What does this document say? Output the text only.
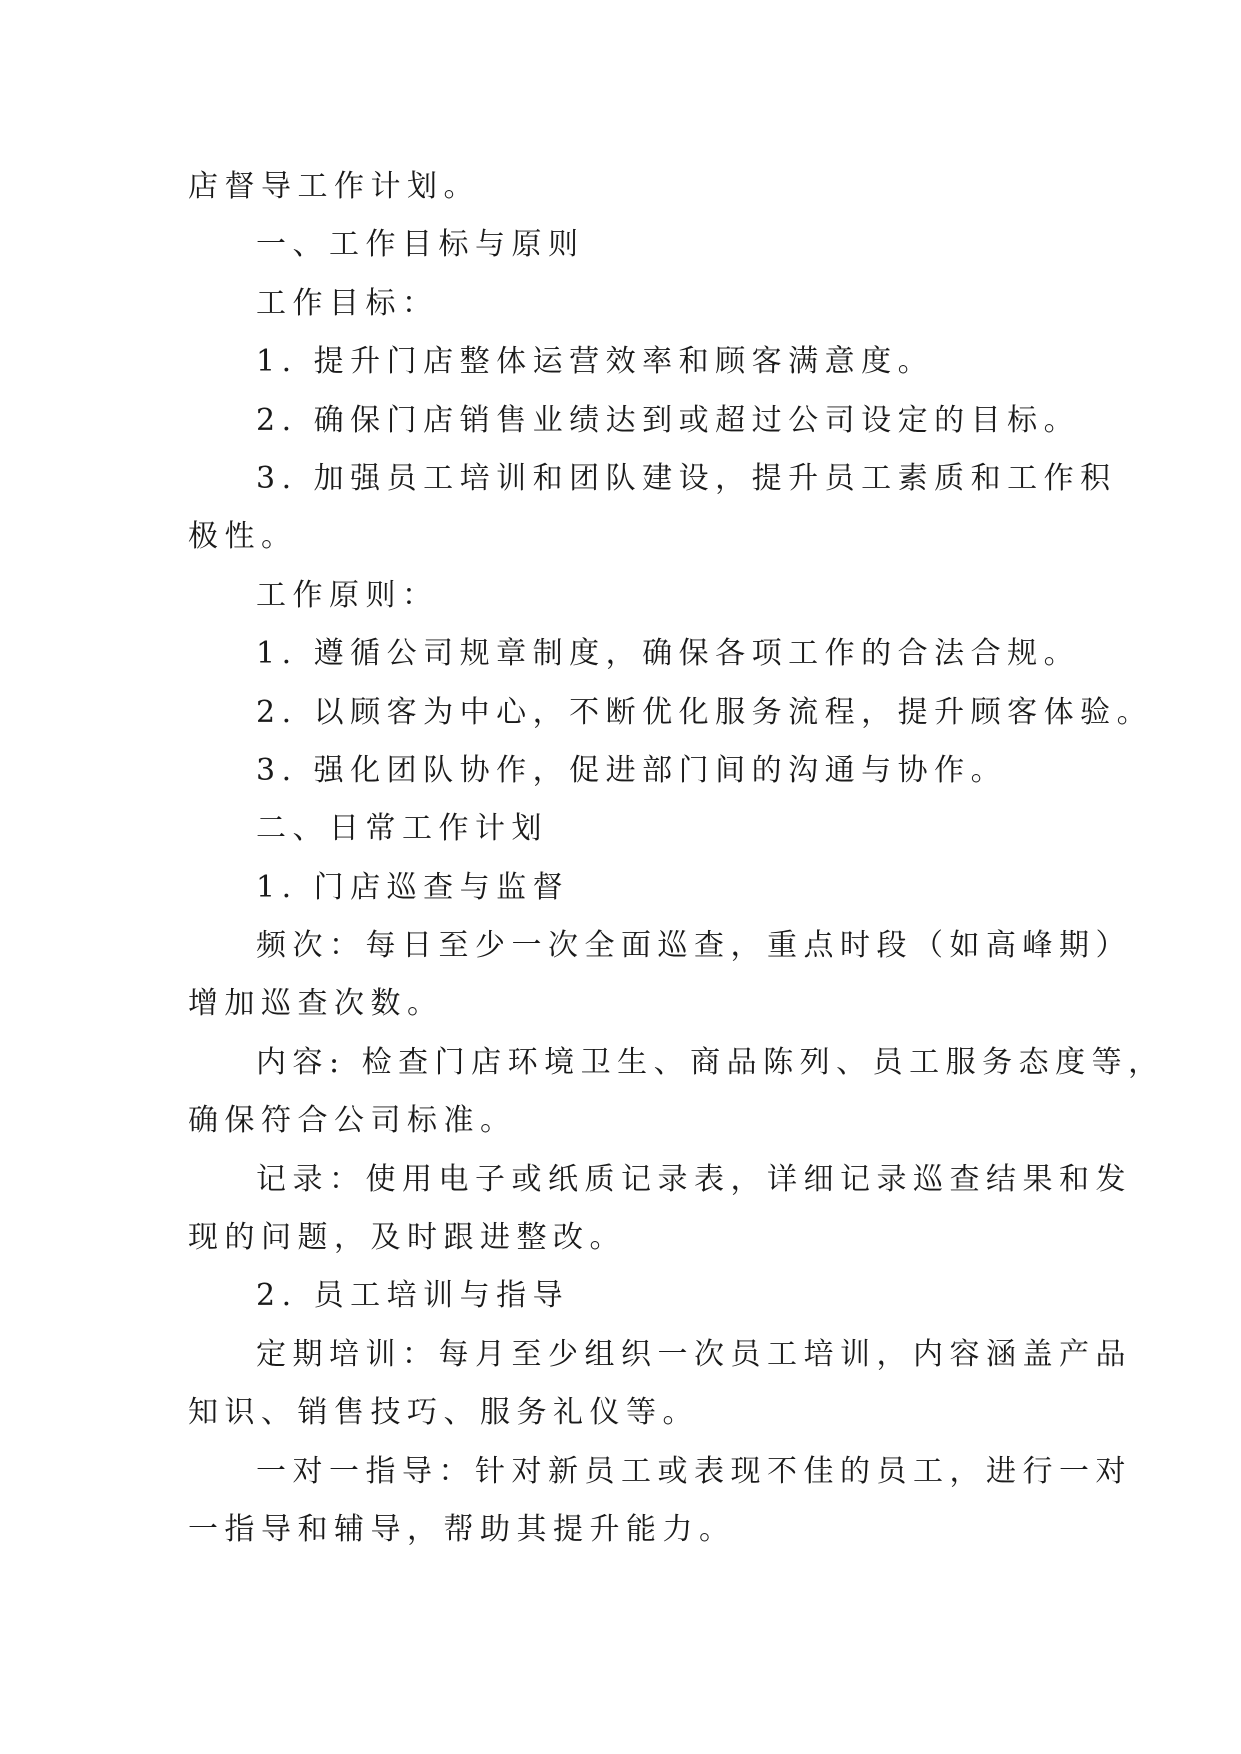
店督导工作计划。
一、工作目标与原则
工作目标：
1. 提升门店整体运营效率和顾客满意度。
2. 确保门店销售业绩达到或超过公司设定的目标。
3. 加强员工培训和团队建设，提升员工素质和工作积
极性。
工作原则：
1. 遵循公司规章制度，确保各项工作的合法合规。
2. 以顾客为中心，不断优化服务流程，提升顾客体验。
3. 强化团队协作，促进部门间的沟通与协作。
二、日常工作计划
1. 门店巡查与监督
频次：每日至少一次全面巡查，重点时段（如高峰期）
增加巡查次数。
内容: 检查门店环境卫生、商品陈列、员工服务态度等，
确保符合公司标准。
记录：使用电子或纸质记录表，详细记录巡查结果和发
现的问题，及时跟进整改。
2. 员工培训与指导
定期培训：每月至少组织一次员工培训，内容涵盖产品
知识、销售技巧、服务礼仪等。
一对一指导：针对新员工或表现不佳的员工，进行一对
一指导和辅导，帮助其提升能力。
